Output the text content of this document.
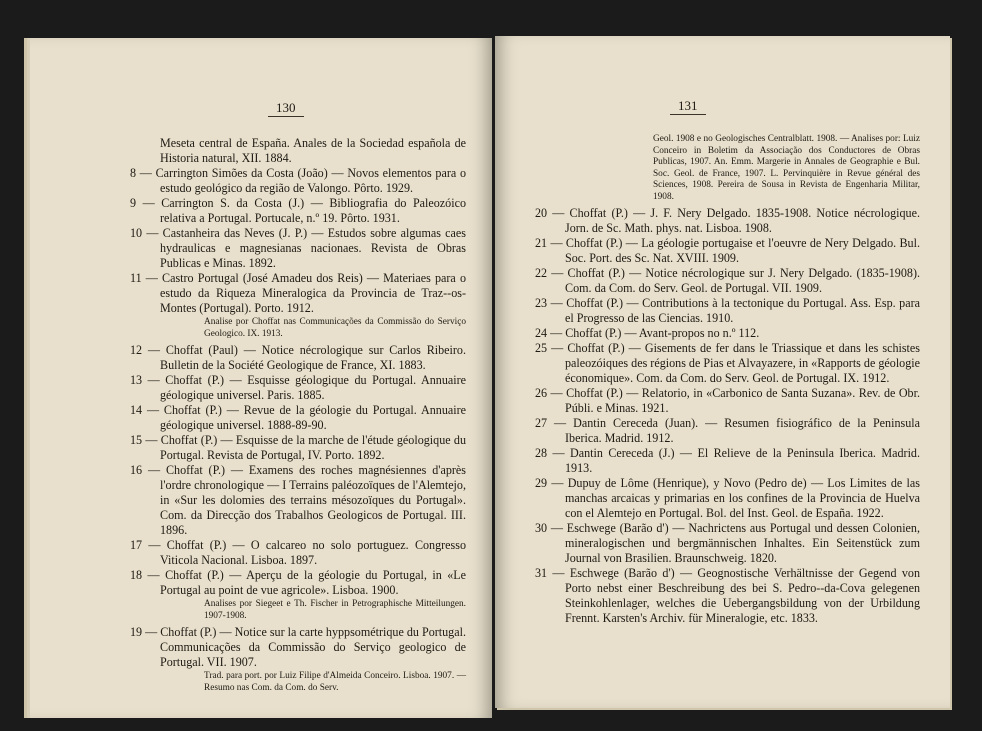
130

Meseta central de España. Anales de la Sociedad española de Historia natural, XII. 1884.

8 — Carrington Simões da Costa (João) — Novos elementos para o estudo geológico da região de Valongo. Pôrto. 1929.

9 — Carrington S. da Costa (J.) — Bibliografia do Paleozóico relativa a Portugal. Portucale, n.º 19. Pôrto. 1931.

10 — Castanheira das Neves (J. P.) — Estudos sobre algumas caes hydraulicas e magnesianas nacionaes. Revista de Obras Publicas e Minas. 1892.

11 — Castro Portugal (José Amadeu dos Reis) — Materiaes para o estudo da Riqueza Mineralogica da Provincia de Traz--os-Montes (Portugal). Porto. 1912.

Analise por Choffat nas Communicações da Commissão do Serviço Geologico. IX. 1913.

12 — Choffat (Paul) — Notice nécrologique sur Carlos Ribeiro. Bulletin de la Société Geologique de France, XI. 1883.

13 — Choffat (P.) — Esquisse géologique du Portugal. Annuaire géologique universel. Paris. 1885.

14 — Choffat (P.) — Revue de la géologie du Portugal. Annuaire géologique universel. 1888-89-90.

15 — Choffat (P.) — Esquisse de la marche de l'étude géologique du Portugal. Revista de Portugal, IV. Porto. 1892.

16 — Choffat (P.) — Examens des roches magnésiennes d'après l'ordre chronologique — I Terrains paléozoïques de l'Alemtejo, in «Sur les dolomies des terrains mésozoïques du Portugal». Com. da Direcção dos Trabalhos Geologicos de Portugal. III. 1896.

17 — Choffat (P.) — O calcareo no solo portuguez. Congresso Viticola Nacional. Lisboa. 1897.

18 — Choffat (P.) — Aperçu de la géologie du Portugal, in «Le Portugal au point de vue agricole». Lisboa. 1900.

Analises por Siegeet e Th. Fischer in Petrographische Mitteilungen. 1907-1908.

19 — Choffat (P.) — Notice sur la carte hyppsométrique du Portugal. Communicações da Commissão do Serviço geologico de Portugal. VII. 1907.

Trad. para port. por Luiz Filipe d'Almeida Conceiro. Lisboa. 1907. — Resumo nas Com. da Com. do Serv.

131

Geol. 1908 e no Geologisches Centralblatt. 1908. — Analises por: Luiz Conceiro in Boletim da Associação dos Conductores de Obras Publicas, 1907. An. Emm. Margerie in Annales de Geographie e Bul. Soc. Geol. de France, 1907. L. Pervinquière in Revue général des Sciences, 1908. Pereira de Sousa in Revista de Engenharia Militar, 1908.

20 — Choffat (P.) — J. F. Nery Delgado. 1835-1908. Notice nécrologique. Jorn. de Sc. Math. phys. nat. Lisboa. 1908.

21 — Choffat (P.) — La géologie portugaise et l'oeuvre de Nery Delgado. Bul. Soc. Port. des Sc. Nat. XVIII. 1909.

22 — Choffat (P.) — Notice nécrologique sur J. Nery Delgado. (1835-1908). Com. da Com. do Serv. Geol. de Portugal. VII. 1909.

23 — Choffat (P.) — Contributions à la tectonique du Portugal. Ass. Esp. para el Progresso de las Ciencias. 1910.

24 — Choffat (P.) — Avant-propos no n.º 112.

25 — Choffat (P.) — Gisements de fer dans le Triassique et dans les schistes paleozóiques des régions de Pias et Alvayazere, in «Rapports de géologie économique». Com. da Com. do Serv. Geol. de Portugal. IX. 1912.

26 — Choffat (P.) — Relatorio, in «Carbonico de Santa Suzana». Rev. de Obr. Públi. e Minas. 1921.

27 — Dantin Cereceda (Juan). — Resumen fisiográfico de la Peninsula Iberica. Madrid. 1912.

28 — Dantin Cereceda (J.) — El Relieve de la Peninsula Iberica. Madrid. 1913.

29 — Dupuy de Lôme (Henrique), y Novo (Pedro de) — Los Limites de las manchas arcaicas y primarias en los confines de la Provincia de Huelva con el Alemtejo en Portugal. Bol. del Inst. Geol. de España. 1922.

30 — Eschwege (Barão d') — Nachrictens aus Portugal und dessen Colonien, mineralogischen und bergmännischen Inhaltes. Ein Seitenstück zum Journal von Brasilien. Braunschweig. 1820.

31 — Eschwege (Barão d') — Geognostische Verhältnisse der Gegend von Porto nebst einer Beschreibung des bei S. Pedro--da-Cova gelegenen Steinkohlenlager, welches die Uebergangsbildung von der Urbildung Frennt. Karsten's Archiv. für Mineralogie, etc. 1833.
